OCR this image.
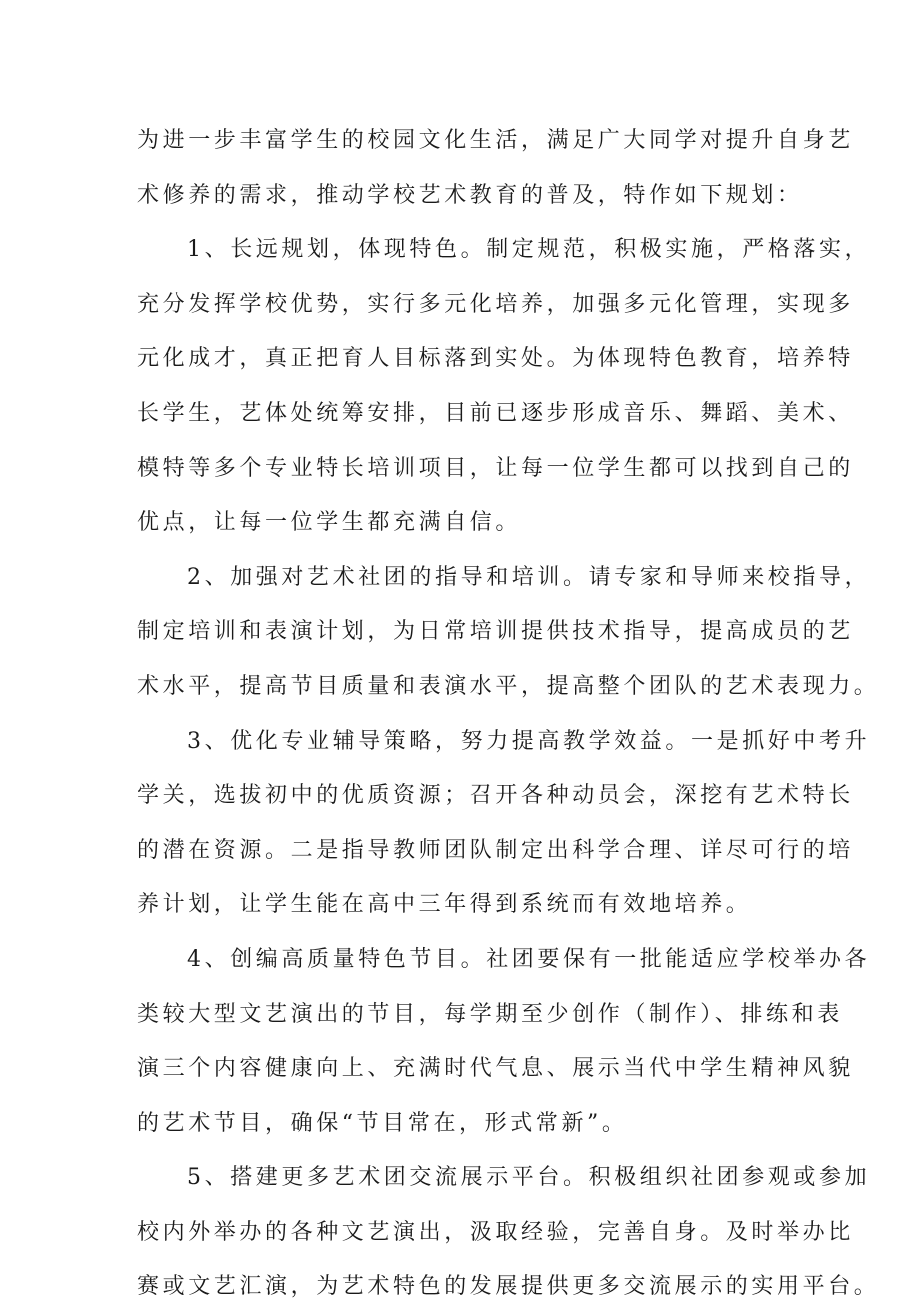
为进一步丰富学生的校园文化生活，满足广大同学对提升自身艺
术修养的需求，推动学校艺术教育的普及，特作如下规划：
1、长远规划，体现特色。制定规范，积极实施，严格落实，
充分发挥学校优势，实行多元化培养，加强多元化管理，实现多
元化成才，真正把育人目标落到实处。为体现特色教育，培养特
长学生，艺体处统筹安排，目前已逐步形成音乐、舞蹈、美术、
模特等多个专业特长培训项目，让每一位学生都可以找到自己的
优点，让每一位学生都充满自信。
2、加强对艺术社团的指导和培训。请专家和导师来校指导，
制定培训和表演计划，为日常培训提供技术指导，提高成员的艺
术水平，提高节目质量和表演水平，提高整个团队的艺术表现力。
3、优化专业辅导策略，努力提高教学效益。一是抓好中考升
学关，选拔初中的优质资源；召开各种动员会，深挖有艺术特长
的潜在资源。二是指导教师团队制定出科学合理、详尽可行的培
养计划，让学生能在高中三年得到系统而有效地培养。
4、创编高质量特色节目。社团要保有一批能适应学校举办各
类较大型文艺演出的节目，每学期至少创作（制作）、排练和表
演三个内容健康向上、充满时代气息、展示当代中学生精神风貌
的艺术节目，确保“节目常在，形式常新”。
5、搭建更多艺术团交流展示平台。积极组织社团参观或参加
校内外举办的各种文艺演出，汲取经验，完善自身。及时举办比
赛或文艺汇演，为艺术特色的发展提供更多交流展示的实用平台。
